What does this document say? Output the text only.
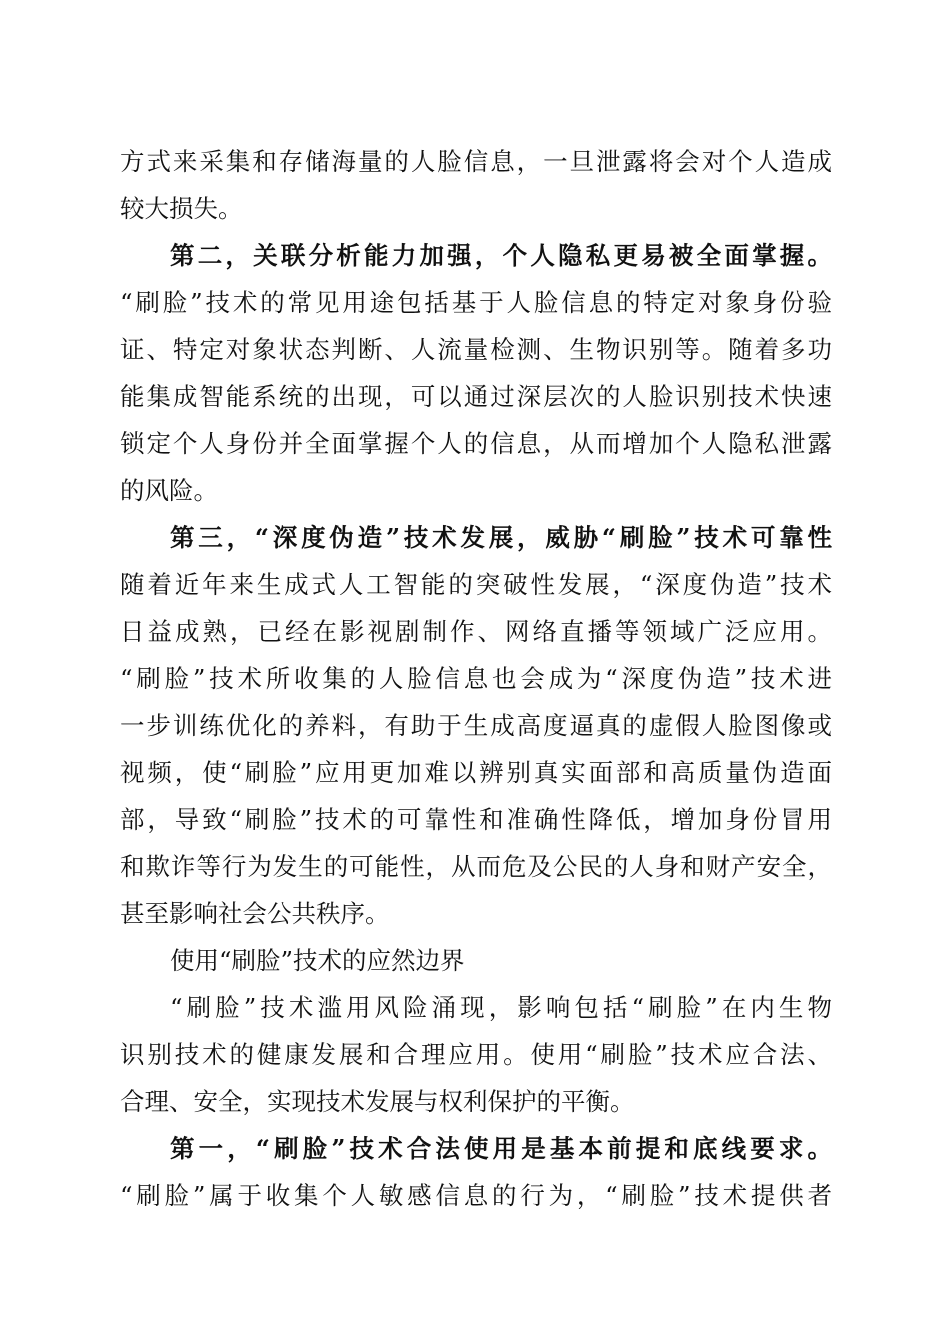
方式来采集和存储海量的人脸信息，一旦泄露将会对个人造成
较大损失。
第二，关联分析能力加强，个人隐私更易被全面掌握。
“刷脸”技术的常见用途包括基于人脸信息的特定对象身份验
证、特定对象状态判断、人流量检测、生物识别等。随着多功
能集成智能系统的出现，可以通过深层次的人脸识别技术快速
锁定个人身份并全面掌握个人的信息，从而增加个人隐私泄露
的风险。
第三，“深度伪造”技术发展，威胁“刷脸”技术可靠性
随着近年来生成式人工智能的突破性发展，“深度伪造”技术
日益成熟，已经在影视剧制作、网络直播等领域广泛应用。
“刷脸”技术所收集的人脸信息也会成为“深度伪造”技术进
一步训练优化的养料，有助于生成高度逼真的虚假人脸图像或
视频，使“刷脸”应用更加难以辨别真实面部和高质量伪造面
部，导致“刷脸”技术的可靠性和准确性降低，增加身份冒用
和欺诈等行为发生的可能性，从而危及公民的人身和财产安全，
甚至影响社会公共秩序。
使用“刷脸”技术的应然边界
“刷脸”技术滥用风险涌现，影响包括“刷脸”在内生物
识别技术的健康发展和合理应用。使用“刷脸”技术应合法、
合理、安全，实现技术发展与权利保护的平衡。
第一，“刷脸”技术合法使用是基本前提和底线要求。
“刷脸”属于收集个人敏感信息的行为，“刷脸”技术提供者
